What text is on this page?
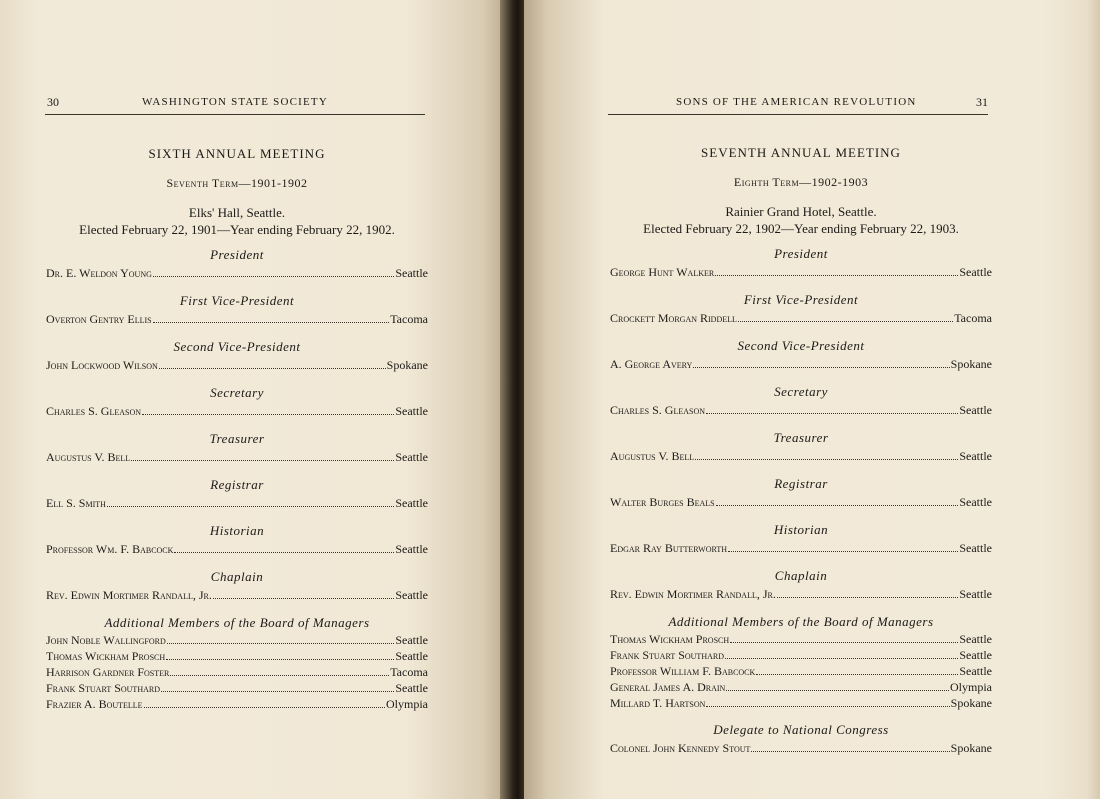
30	WASHINGTON STATE SOCIETY
SIXTH ANNUAL MEETING
Seventh Term—1901-1902
Elks' Hall, Seattle.
Elected February 22, 1901—Year ending February 22, 1902.
President
Dr. E. Weldon Young	Seattle
First Vice-President
Overton Gentry Ellis	Tacoma
Second Vice-President
John Lockwood Wilson	Spokane
Secretary
Charles S. Gleason	Seattle
Treasurer
Augustus V. Bell	Seattle
Registrar
Ell S. Smith	Seattle
Historian
Professor Wm. F. Babcock	Seattle
Chaplain
Rev. Edwin Mortimer Randall, Jr.	Seattle
Additional Members of the Board of Managers
John Noble Wallingford	Seattle
Thomas Wickham Prosch	Seattle
Harrison Gardner Foster	Tacoma
Frank Stuart Southard	Seattle
Frazier A. Boutelle	Olympia
SONS OF THE AMERICAN REVOLUTION	31
SEVENTH ANNUAL MEETING
Eighth Term—1902-1903
Rainier Grand Hotel, Seattle.
Elected February 22, 1902—Year ending February 22, 1903.
President
George Hunt Walker	Seattle
First Vice-President
Crockett Morgan Riddell	Tacoma
Second Vice-President
A. George Avery	Spokane
Secretary
Charles S. Gleason	Seattle
Treasurer
Augustus V. Bell	Seattle
Registrar
Walter Burges Beals	Seattle
Historian
Edgar Ray Butterworth	Seattle
Chaplain
Rev. Edwin Mortimer Randall, Jr.	Seattle
Additional Members of the Board of Managers
Thomas Wickham Prosch	Seattle
Frank Stuart Southard	Seattle
Professor William F. Babcock	Seattle
General James A. Drain	Olympia
Millard T. Hartson	Spokane
Delegate to National Congress
Colonel John Kennedy Stout	Spokane
